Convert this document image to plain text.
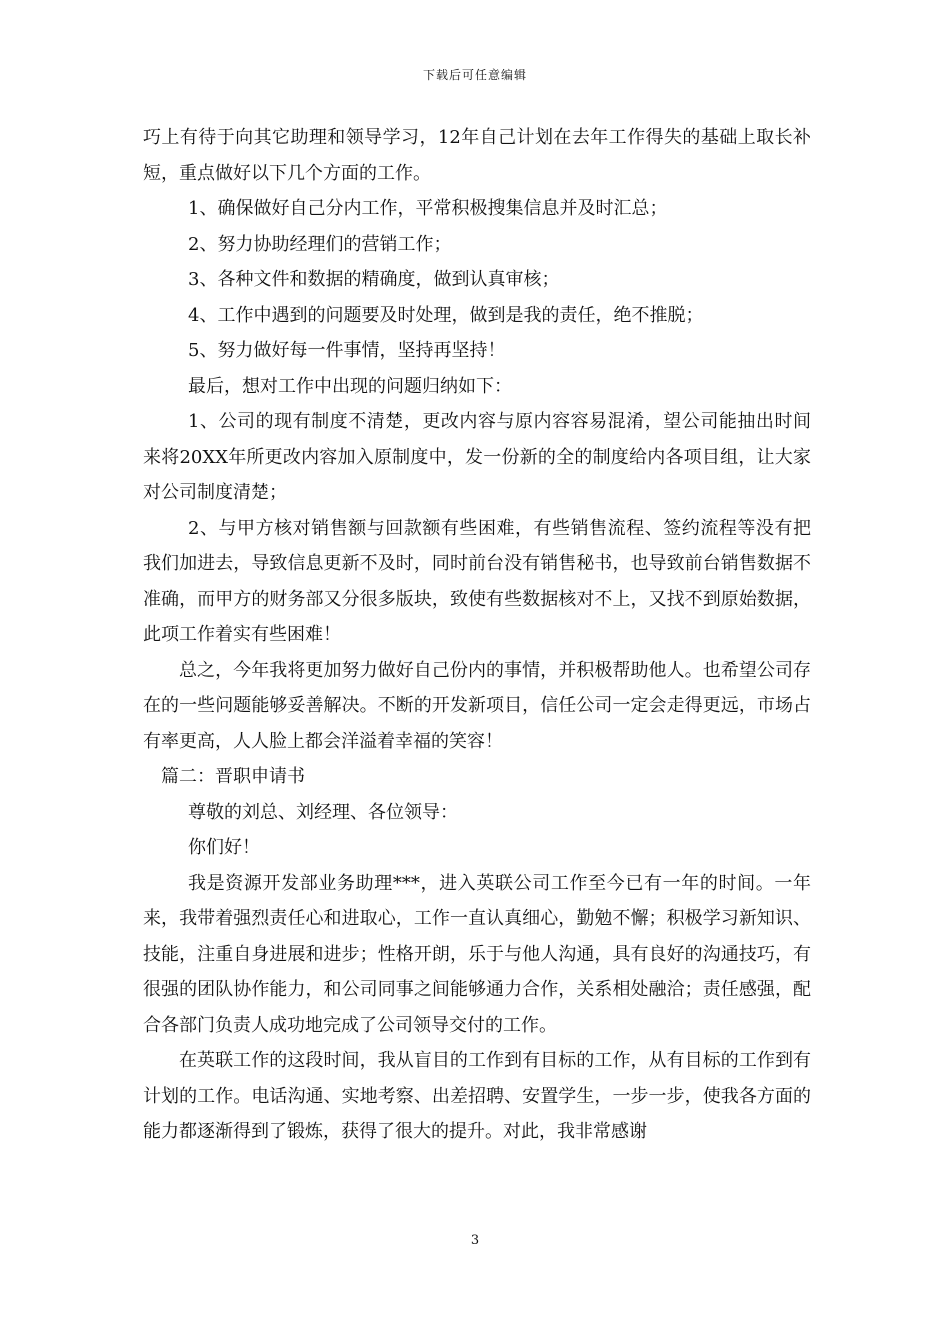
下载后可任意编辑

巧上有待于向其它助理和领导学习，12年自己计划在去年工作得失的基础上取长补短，重点做好以下几个方面的工作。

1、确保做好自己分内工作，平常积极搜集信息并及时汇总；

2、努力协助经理们的营销工作；

3、各种文件和数据的精确度，做到认真审核；

4、工作中遇到的问题要及时处理，做到是我的责任，绝不推脱；

5、努力做好每一件事情，坚持再坚持！

最后，想对工作中出现的问题归纳如下：

1、公司的现有制度不清楚，更改内容与原内容容易混淆，望公司能抽出时间来将20XX年所更改内容加入原制度中，发一份新的全的制度给内各项目组，让大家对公司制度清楚；

2、与甲方核对销售额与回款额有些困难，有些销售流程、签约流程等没有把我们加进去，导致信息更新不及时，同时前台没有销售秘书，也导致前台销售数据不准确，而甲方的财务部又分很多版块，致使有些数据核对不上，又找不到原始数据，此项工作着实有些困难！

总之，今年我将更加努力做好自己份内的事情，并积极帮助他人。也希望公司存在的一些问题能够妥善解决。不断的开发新项目，信任公司一定会走得更远，市场占有率更高，人人脸上都会洋溢着幸福的笑容！

篇二：晋职申请书

尊敬的刘总、刘经理、各位领导：

你们好！

我是资源开发部业务助理***，进入英联公司工作至今已有一年的时间。一年来，我带着强烈责任心和进取心，工作一直认真细心，勤勉不懈；积极学习新知识、技能，注重自身进展和进步；性格开朗，乐于与他人沟通，具有良好的沟通技巧，有很强的团队协作能力，和公司同事之间能够通力合作，关系相处融洽；责任感强，配合各部门负责人成功地完成了公司领导交付的工作。

在英联工作的这段时间，我从盲目的工作到有目标的工作，从有目标的工作到有计划的工作。电话沟通、实地考察、出差招聘、安置学生，一步一步，使我各方面的能力都逐渐得到了锻炼，获得了很大的提升。对此，我非常感谢

3
